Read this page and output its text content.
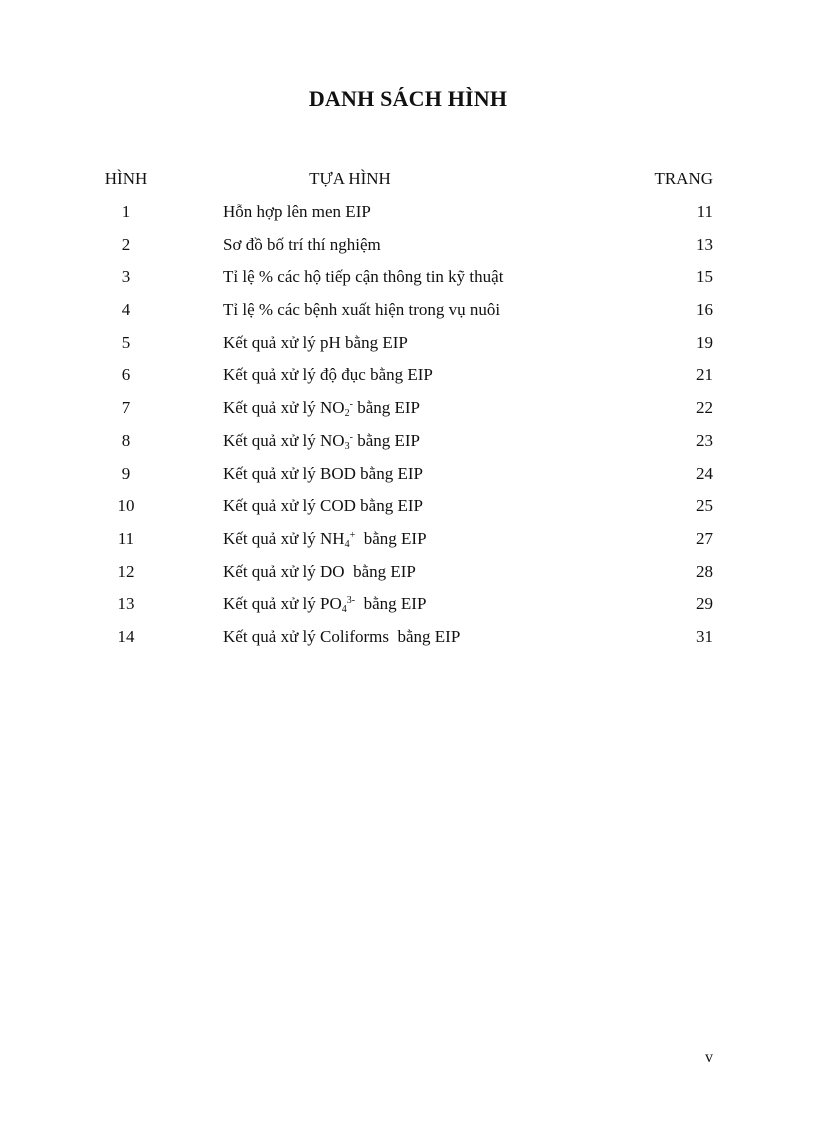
DANH SÁCH HÌNH
HÌNH	TỰA HÌNH	TRANG
1	Hỗn hợp lên men EIP	11
2	Sơ đồ bố trí thí nghiệm	13
3	Tỉ lệ % các hộ tiếp cận thông tin kỹ thuật	15
4	Tỉ lệ % các bệnh xuất hiện trong vụ nuôi	16
5	Kết quả xử lý pH bằng EIP	19
6	Kết quả xử lý độ đục bằng EIP	21
7	Kết quả xử lý $NO_2^-$ bằng EIP	22
8	Kết quả xử lý $NO_3^-$ bằng EIP	23
9	Kết quả xử lý BOD bằng EIP	24
10	Kết quả xử lý COD bằng EIP	25
11	Kết quả xử lý $NH_4^+$  bằng EIP	27
12	Kết quả xử lý DO  bằng EIP	28
13	Kết quả xử lý $PO_4^{3-}$  bằng EIP	29
14	Kết quả xử lý Coliforms  bằng EIP	31
v
